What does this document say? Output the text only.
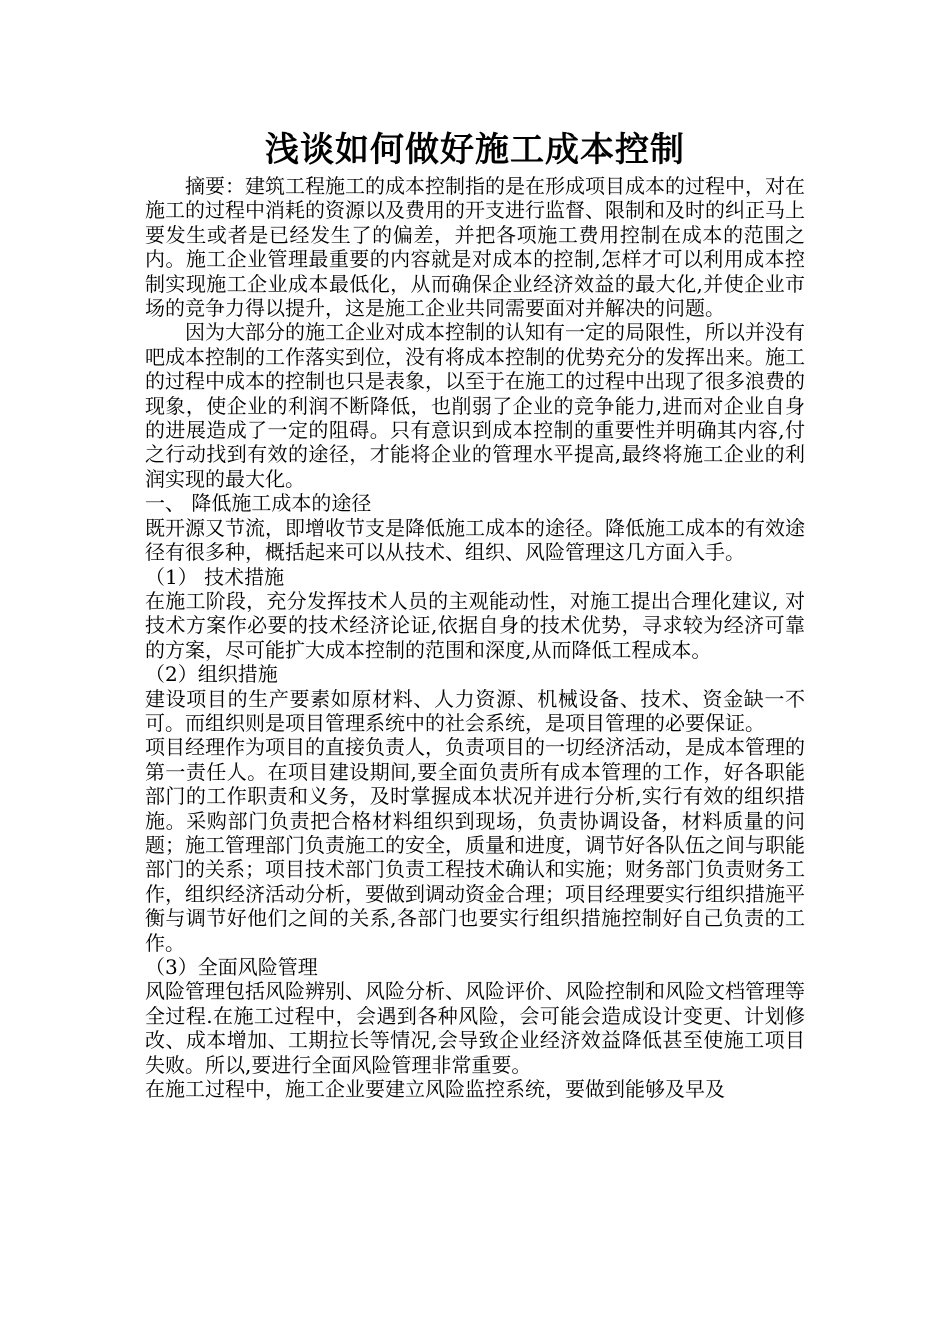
浅谈如何做好施工成本控制

摘要：建筑工程施工的成本控制指的是在形成项目成本的过程中，对在施工的过程中消耗的资源以及费用的开支进行监督、限制和及时的纠正马上要发生或者是已经发生了的偏差，并把各项施工费用控制在成本的范围之内。施工企业管理最重要的内容就是对成本的控制,怎样才可以利用成本控制实现施工企业成本最低化，从而确保企业经济效益的最大化,并使企业市场的竞争力得以提升，这是施工企业共同需要面对并解决的问题。

因为大部分的施工企业对成本控制的认知有一定的局限性，所以并没有吧成本控制的工作落实到位，没有将成本控制的优势充分的发挥出来。施工的过程中成本的控制也只是表象，以至于在施工的过程中出现了很多浪费的现象，使企业的利润不断降低，也削弱了企业的竞争能力,进而对企业自身的进展造成了一定的阻碍。只有意识到成本控制的重要性并明确其内容,付之行动找到有效的途径，才能将企业的管理水平提高,最终将施工企业的利润实现的最大化。

一、 降低施工成本的途径

既开源又节流，即增收节支是降低施工成本的途径。降低施工成本的有效途径有很多种，概括起来可以从技术、组织、风险管理这几方面入手。

（1） 技术措施

在施工阶段，充分发挥技术人员的主观能动性，对施工提出合理化建议, 对技术方案作必要的技术经济论证,依据自身的技术优势，寻求较为经济可靠的方案，尽可能扩大成本控制的范围和深度,从而降低工程成本。

（2）组织措施

建设项目的生产要素如原材料、人力资源、机械设备、技术、资金缺一不可。而组织则是项目管理系统中的社会系统，是项目管理的必要保证。

项目经理作为项目的直接负责人，负责项目的一切经济活动，是成本管理的第一责任人。在项目建设期间,要全面负责所有成本管理的工作，好各职能部门的工作职责和义务，及时掌握成本状况并进行分析,实行有效的组织措施。采购部门负责把合格材料组织到现场，负责协调设备，材料质量的问题；施工管理部门负责施工的安全，质量和进度，调节好各队伍之间与职能部门的关系；项目技术部门负责工程技术确认和实施；财务部门负责财务工作，组织经济活动分析，要做到调动资金合理；项目经理要实行组织措施平衡与调节好他们之间的关系,各部门也要实行组织措施控制好自己负责的工作。

（3）全面风险管理

风险管理包括风险辨别、风险分析、风险评价、风险控制和风险文档管理等全过程.在施工过程中，会遇到各种风险，会可能会造成设计变更、计划修改、成本增加、工期拉长等情况,会导致企业经济效益降低甚至使施工项目失败。所以,要进行全面风险管理非常重要。

在施工过程中，施工企业要建立风险监控系统，要做到能够及早及
